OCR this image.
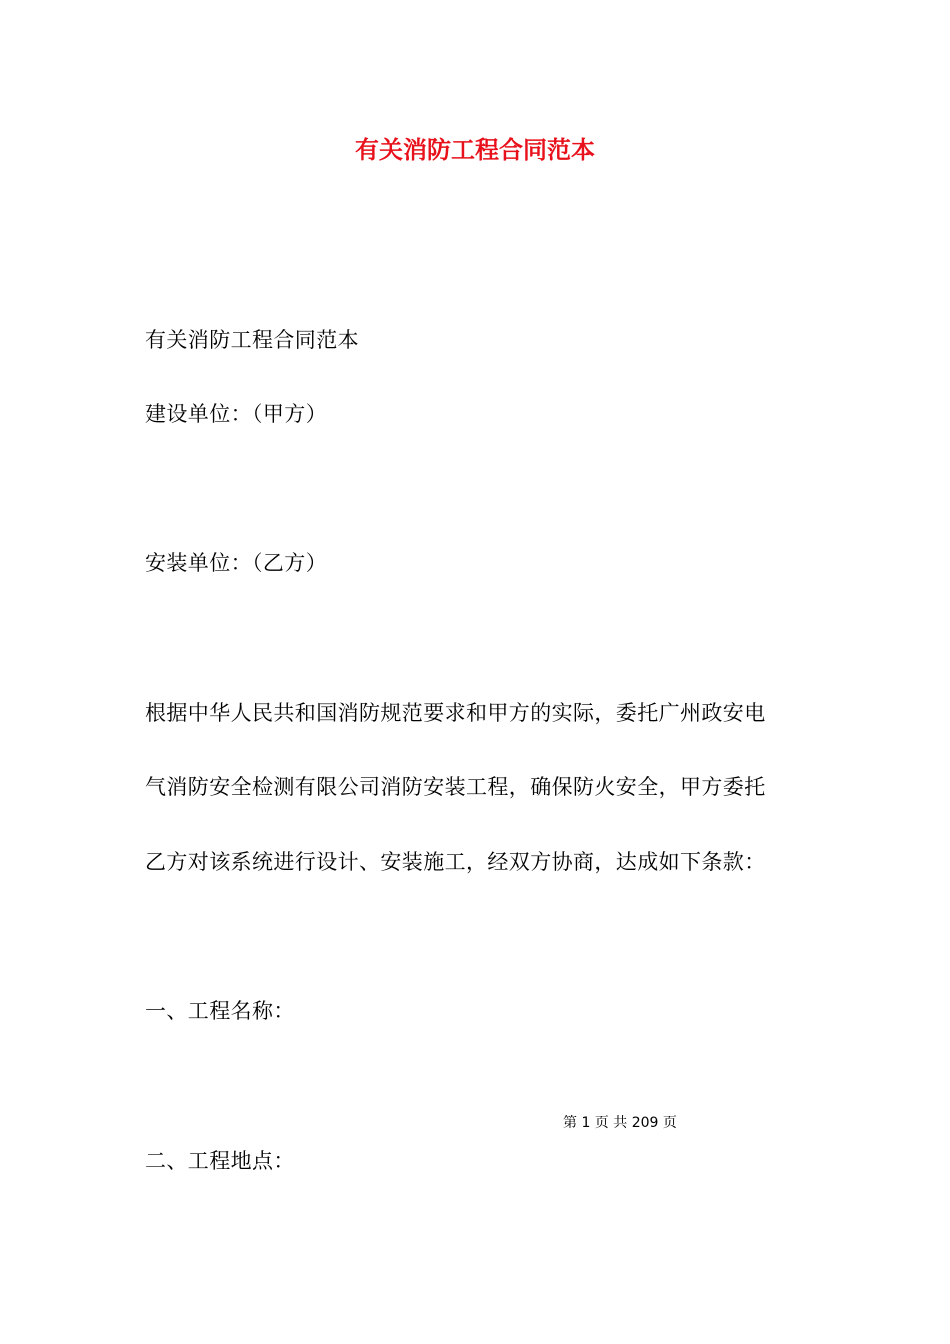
有关消防工程合同范本
有关消防工程合同范本
建设单位：（甲方）
安装单位：（乙方）
根据中华人民共和国消防规范要求和甲方的实际，委托广州政安电
气消防安全检测有限公司消防安装工程，确保防火安全，甲方委托
乙方对该系统进行设计、安装施工，经双方协商，达成如下条款：
一、工程名称：
第 1 页 共 209 页
二、工程地点：
